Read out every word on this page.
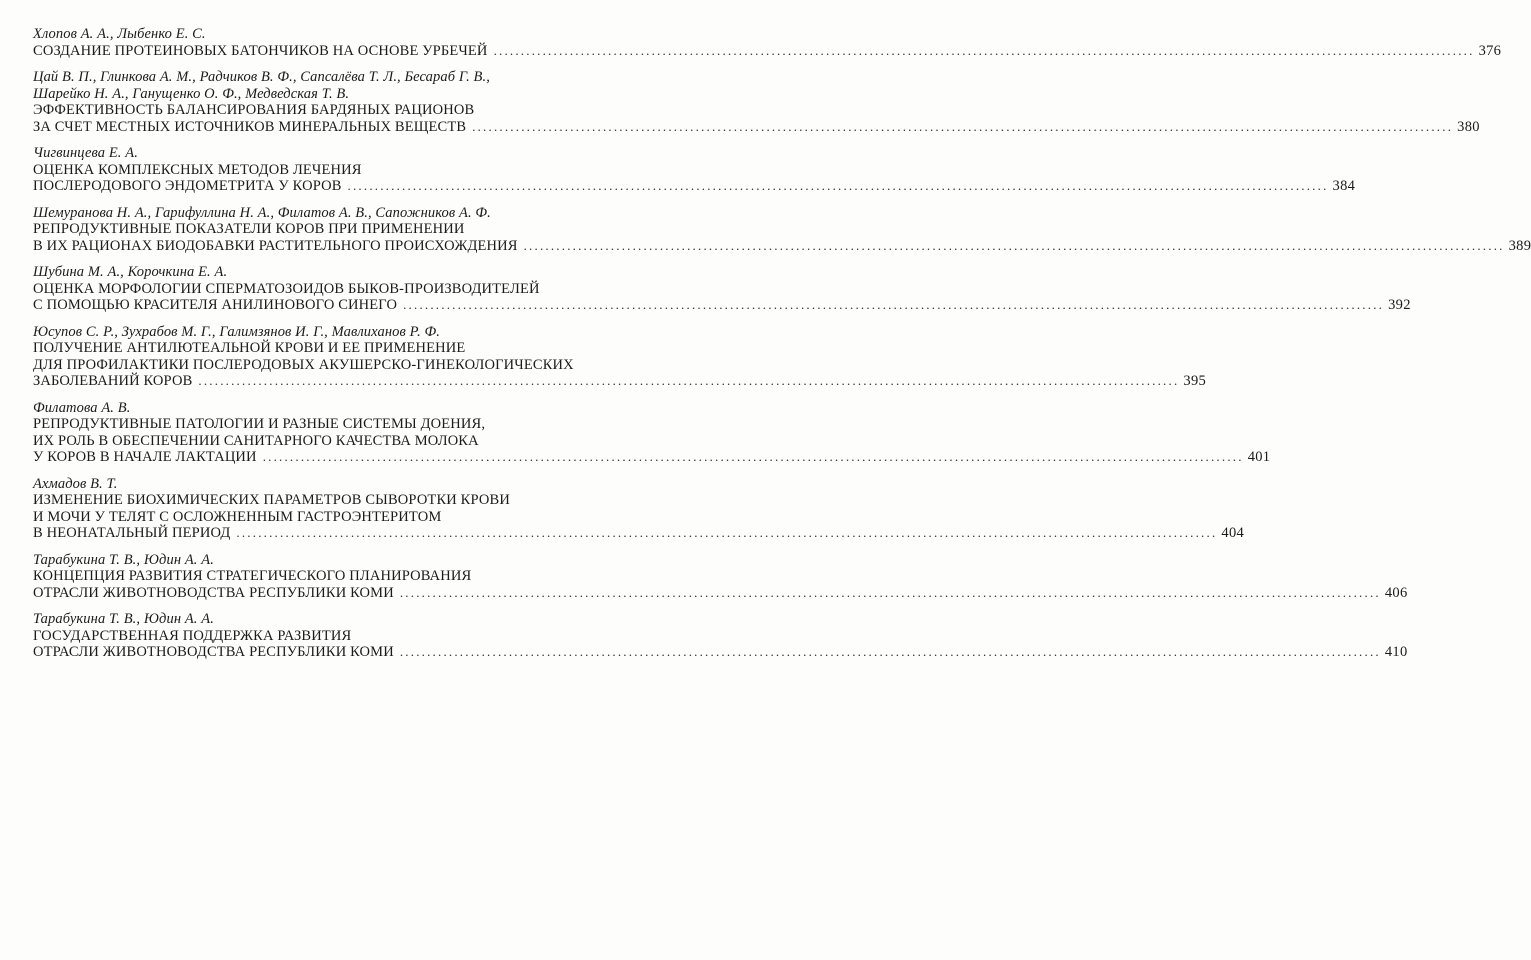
Хлопов А. А., Лыбенко Е. С.
СОЗДАНИЕ ПРОТЕИНОВЫХ БАТОНЧИКОВ НА ОСНОВЕ УРБЕЧЕЙ .................................................................................................................................................................................... 376
Цай В. П., Глинкова А. М., Радчиков В. Ф., Сапсалёва Т. Л., Бесараб Г. В.,
Шарейко Н. А., Ганущенко О. Ф., Медведская Т. В.
ЭФФЕКТИВНОСТЬ БАЛАНСИРОВАНИЯ БАРДЯНЫХ РАЦИОНОВ
ЗА СЧЕТ МЕСТНЫХ ИСТОЧНИКОВ МИНЕРАЛЬНЫХ ВЕЩЕСТВ .................................................................................................................................................................................... 380
Чигвинцева Е. А.
ОЦЕНКА КОМПЛЕКСНЫХ МЕТОДОВ ЛЕЧЕНИЯ
ПОСЛЕРОДОВОГО ЭНДОМЕТРИТА У КОРОВ .................................................................................................................................................................................... 384
Шемуранова Н. А., Гарифуллина Н. А., Филатов А. В., Сапожников А. Ф.
РЕПРОДУКТИВНЫЕ ПОКАЗАТЕЛИ КОРОВ ПРИ ПРИМЕНЕНИИ
В ИХ РАЦИОНАХ БИОДОБАВКИ РАСТИТЕЛЬНОГО ПРОИСХОЖДЕНИЯ .................................................................................................................................................................................... 389
Шубина М. А., Корочкина Е. А.
ОЦЕНКА МОРФОЛОГИИ СПЕРМАТОЗОИДОВ БЫКОВ-ПРОИЗВОДИТЕЛЕЙ
С ПОМОЩЬЮ КРАСИТЕЛЯ АНИЛИНОВОГО СИНЕГО .................................................................................................................................................................................... 392
Юсупов С. Р., Зухрабов М. Г., Галимзянов И. Г., Мавлиханов Р. Ф.
ПОЛУЧЕНИЕ АНТИЛЮТЕАЛЬНОЙ КРОВИ И ЕЕ ПРИМЕНЕНИЕ
ДЛЯ ПРОФИЛАКТИКИ ПОСЛЕРОДОВЫХ АКУШЕРСКО-ГИНЕКОЛОГИЧЕСКИХ
ЗАБОЛЕВАНИЙ КОРОВ .................................................................................................................................................................................... 395
Филатова А. В.
РЕПРОДУКТИВНЫЕ ПАТОЛОГИИ И РАЗНЫЕ СИСТЕМЫ ДОЕНИЯ,
ИХ РОЛЬ В ОБЕСПЕЧЕНИИ САНИТАРНОГО КАЧЕСТВА МОЛОКА
У КОРОВ В НАЧАЛЕ ЛАКТАЦИИ .................................................................................................................................................................................... 401
Ахмадов В. Т.
ИЗМЕНЕНИЕ БИОХИМИЧЕСКИХ ПАРАМЕТРОВ СЫВОРОТКИ КРОВИ
И МОЧИ У ТЕЛЯТ С ОСЛОЖНЕННЫМ ГАСТРОЭНТЕРИТОМ
В НЕОНАТАЛЬНЫЙ ПЕРИОД .................................................................................................................................................................................... 404
Тарабукина Т. В., Юдин А. А.
КОНЦЕПЦИЯ РАЗВИТИЯ СТРАТЕГИЧЕСКОГО ПЛАНИРОВАНИЯ
ОТРАСЛИ ЖИВОТНОВОДСТВА РЕСПУБЛИКИ КОМИ .................................................................................................................................................................................... 406
Тарабукина Т. В., Юдин А. А.
ГОСУДАРСТВЕННАЯ ПОДДЕРЖКА РАЗВИТИЯ
ОТРАСЛИ ЖИВОТНОВОДСТВА РЕСПУБЛИКИ КОМИ .................................................................................................................................................................................... 410
